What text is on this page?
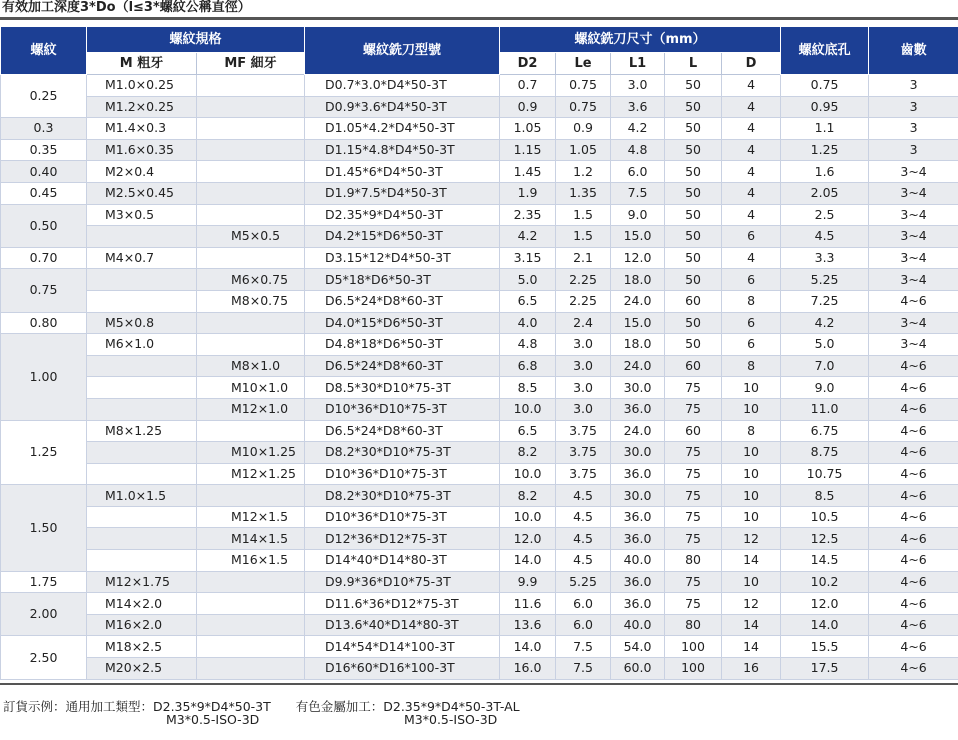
有效加工深度3*Do（l≤3*螺紋公稱直徑）
螺紋	螺紋規格		螺紋銑刀型號	螺紋銑刀尺寸（mm）					螺紋底孔	齒數
	M 粗牙	MF 細牙		D2	Le	L1	L	D		
0.25	M1.0×0.25		D0.7*3.0*D4*50-3T	0.7	0.75	3.0	50	4	0.75	3
	M1.2×0.25		D0.9*3.6*D4*50-3T	0.9	0.75	3.6	50	4	0.95	3
0.3	M1.4×0.3		D1.05*4.2*D4*50-3T	1.05	0.9	4.2	50	4	1.1	3
0.35	M1.6×0.35		D1.15*4.8*D4*50-3T	1.15	1.05	4.8	50	4	1.25	3
0.40	M2×0.4		D1.45*6*D4*50-3T	1.45	1.2	6.0	50	4	1.6	3~4
0.45	M2.5×0.45		D1.9*7.5*D4*50-3T	1.9	1.35	7.5	50	4	2.05	3~4
0.50	M3×0.5		D2.35*9*D4*50-3T	2.35	1.5	9.0	50	4	2.5	3~4
		M5×0.5	D4.2*15*D6*50-3T	4.2	1.5	15.0	50	6	4.5	3~4
0.70	M4×0.7		D3.15*12*D4*50-3T	3.15	2.1	12.0	50	4	3.3	3~4
0.75		M6×0.75	D5*18*D6*50-3T	5.0	2.25	18.0	50	6	5.25	3~4
		M8×0.75	D6.5*24*D8*60-3T	6.5	2.25	24.0	60	8	7.25	4~6
0.80	M5×0.8		D4.0*15*D6*50-3T	4.0	2.4	15.0	50	6	4.2	3~4
1.00	M6×1.0		D4.8*18*D6*50-3T	4.8	3.0	18.0	50	6	5.0	3~4
		M8×1.0	D6.5*24*D8*60-3T	6.8	3.0	24.0	60	8	7.0	4~6
		M10×1.0	D8.5*30*D10*75-3T	8.5	3.0	30.0	75	10	9.0	4~6
		M12×1.0	D10*36*D10*75-3T	10.0	3.0	36.0	75	10	11.0	4~6
1.25	M8×1.25		D6.5*24*D8*60-3T	6.5	3.75	24.0	60	8	6.75	4~6
		M10×1.25	D8.2*30*D10*75-3T	8.2	3.75	30.0	75	10	8.75	4~6
		M12×1.25	D10*36*D10*75-3T	10.0	3.75	36.0	75	10	10.75	4~6
1.50	M1.0×1.5		D8.2*30*D10*75-3T	8.2	4.5	30.0	75	10	8.5	4~6
		M12×1.5	D10*36*D10*75-3T	10.0	4.5	36.0	75	10	10.5	4~6
		M14×1.5	D12*36*D12*75-3T	12.0	4.5	36.0	75	12	12.5	4~6
		M16×1.5	D14*40*D14*80-3T	14.0	4.5	40.0	80	14	14.5	4~6
1.75	M12×1.75		D9.9*36*D10*75-3T	9.9	5.25	36.0	75	10	10.2	4~6
2.00	M14×2.0		D11.6*36*D12*75-3T	11.6	6.0	36.0	75	12	12.0	4~6
	M16×2.0		D13.6*40*D14*80-3T	13.6	6.0	40.0	80	14	14.0	4~6
2.50	M18×2.5		D14*54*D14*100-3T	14.0	7.5	54.0	100	14	15.5	4~6
	M20×2.5		D16*60*D16*100-3T	16.0	7.5	60.0	100	16	17.5	4~6
訂貨示例：通用加工類型：D2.35*9*D4*50-3T　　有色金屬加工：D2.35*9*D4*50-3T-AL
M3*0.5-ISO-3D	M3*0.5-ISO-3D
